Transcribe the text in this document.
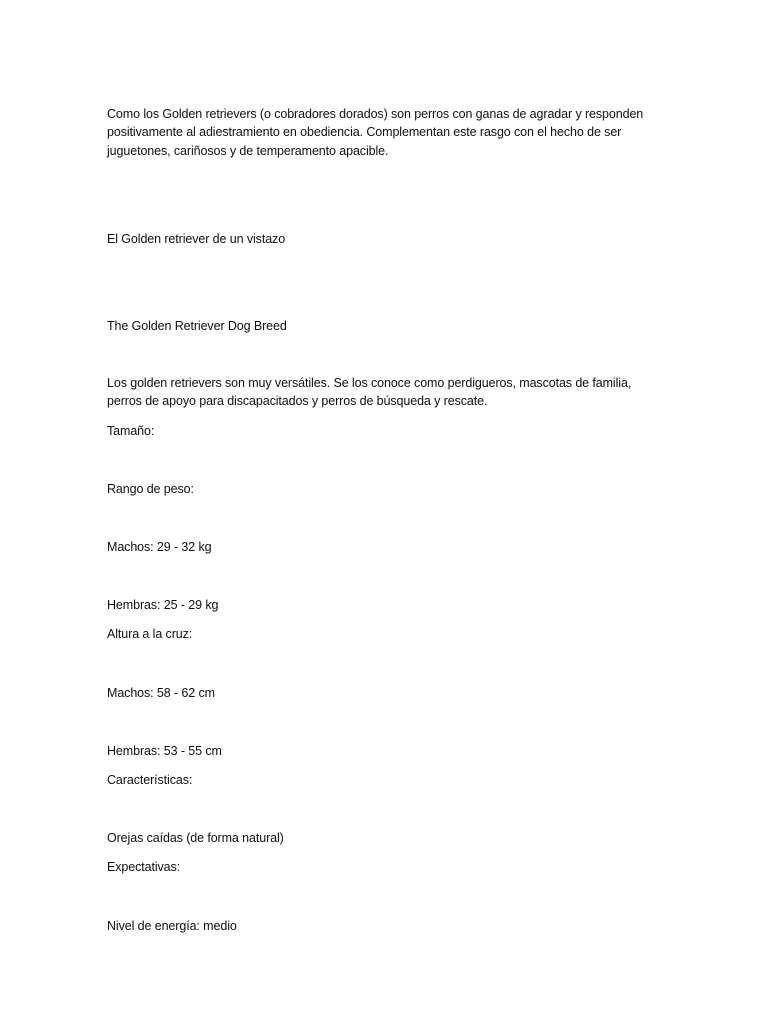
Como los Golden retrievers (o cobradores dorados) son perros con ganas de agradar y responden positivamente al adiestramiento en obediencia. Complementan este rasgo con el hecho de ser juguetones, cariñosos y de temperamento apacible.

El Golden retriever de un vistazo

The Golden Retriever Dog Breed

Los golden retrievers son muy versátiles. Se los conoce como perdigueros, mascotas de familia, perros de apoyo para discapacitados y perros de búsqueda y rescate.

Tamaño:

Rango de peso:

Machos: 29 - 32 kg

Hembras: 25 - 29 kg

Altura a la cruz:

Machos: 58 - 62 cm

Hembras: 53 - 55 cm

Características:

Orejas caídas (de forma natural)

Expectativas:

Nivel de energía: medio
